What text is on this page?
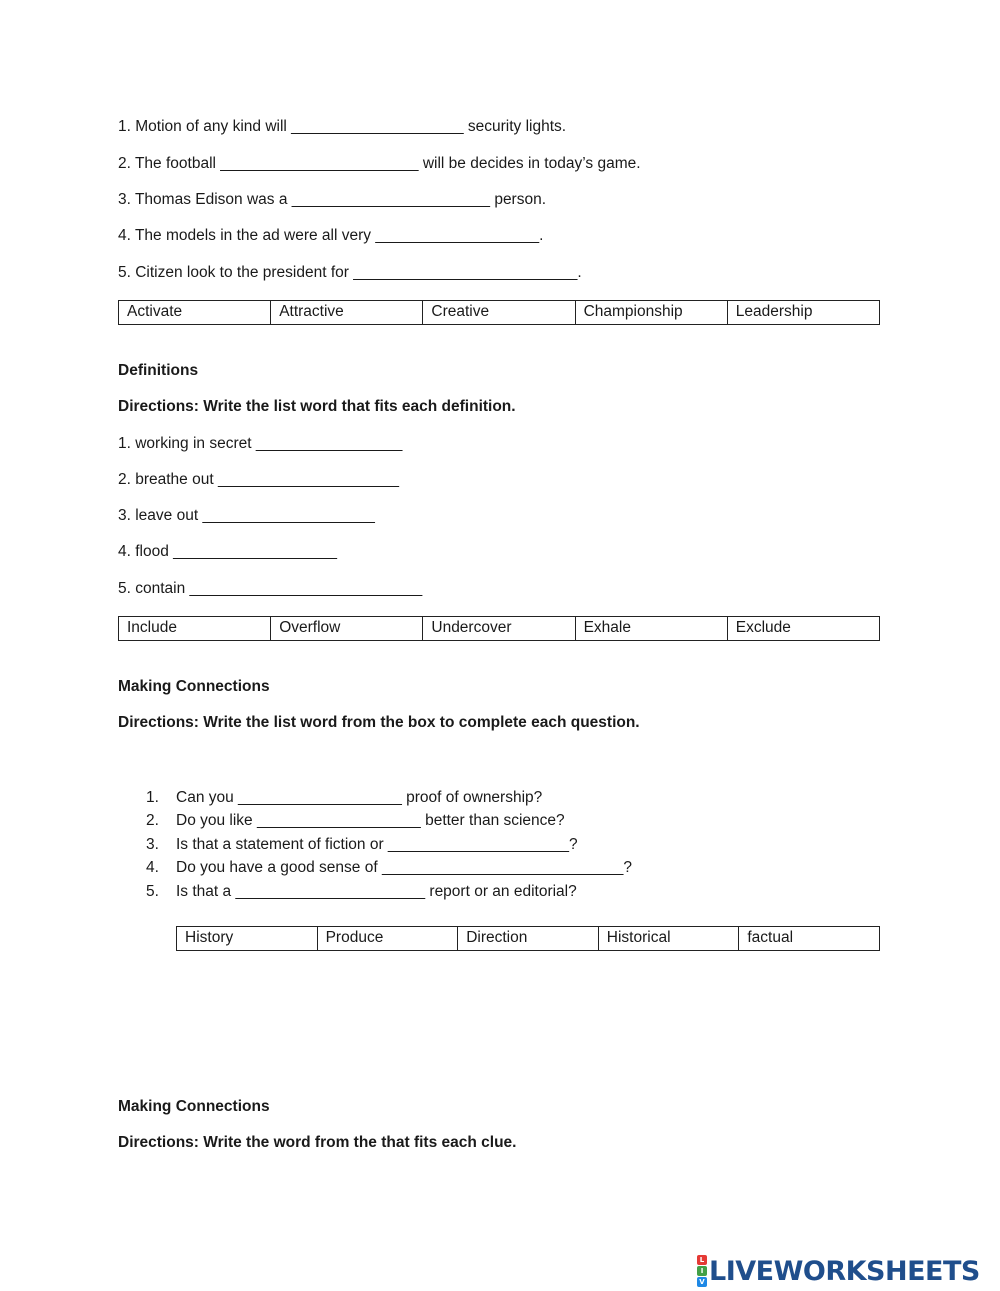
1. Motion of any kind will ____________________ security lights.
2. The football _______________________ will be decides in today’s game.
3. Thomas Edison was a _______________________ person.
4. The models in the ad were all very ___________________.
5. Citizen look to the president for __________________________.
Activate	Attractive	Creative	Championship	Leadership
Definitions
Directions: Write the list word that fits each definition.
1. working in secret _________________
2. breathe out _____________________
3. leave out ____________________
4. flood ___________________
5. contain ___________________________
Include	Overflow	Undercover	Exhale	Exclude
Making Connections
Directions: Write the list word from the box to complete each question.
1. Can you ___________________ proof of ownership?
2. Do you like ___________________ better than science?
3. Is that a statement of fiction or _____________________?
4. Do you have a good sense of ____________________________?
5. Is that a ______________________ report or an editorial?
History	Produce	Direction	Historical	factual
Making Connections
Directions: Write the word from the that fits each clue.
L
I
V LIVEWORKSHEETS
